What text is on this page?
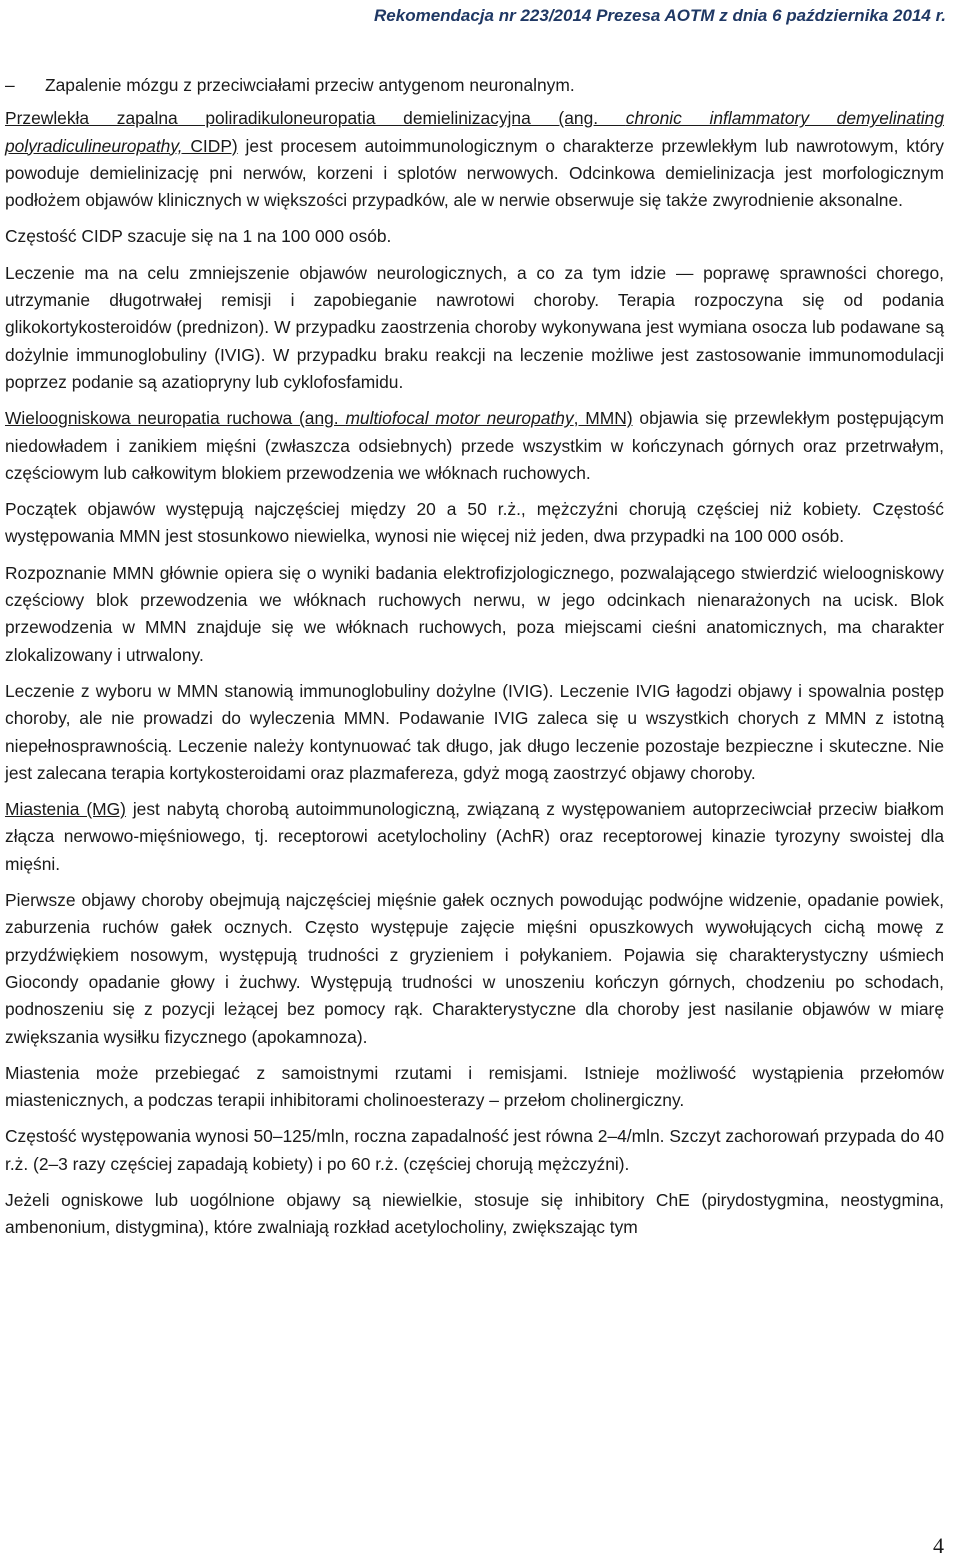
Rekomendacja nr 223/2014 Prezesa AOTM z dnia 6 października 2014 r.
–	Zapalenie mózgu z przeciwciałami przeciw antygenom neuronalnym.

Przewlekła zapalna poliradikuloneuropatia demielinizacyjna (ang. chronic inflammatory demyelinating polyradiculineuropathy, CIDP) jest procesem autoimmunologicznym o charakterze przewlekłym lub nawrotowym, który powoduje demielinizację pni nerwów, korzeni i splotów nerwowych. Odcinkowa demielinizacja jest morfologicznym podłożem objawów klinicznych w większości przypadków, ale w nerwie obserwuje się także zwyrodnienie aksonalne.

Częstość CIDP szacuje się na 1 na 100 000 osób.

Leczenie ma na celu zmniejszenie objawów neurologicznych, a co za tym idzie — poprawę sprawności chorego, utrzymanie długotrwałej remisji i zapobieganie nawrotowi choroby. Terapia rozpoczyna się od podania glikokortykosteroidów (prednizon). W przypadku zaostrzenia choroby wykonywana jest wymiana osocza lub podawane są dożylnie immunoglobuliny (IVIG). W przypadku braku reakcji na leczenie możliwe jest zastosowanie immunomodulacji poprzez podanie są azatiopryny lub cyklofosfamidu.

Wieloogniskowa neuropatia ruchowa (ang. multiofocal motor neuropathy, MMN) objawia się przewlekłym postępującym niedowładem i zanikiem mięśni (zwłaszcza odsiebnych) przede wszystkim w kończynach górnych oraz przetrwałym, częściowym lub całkowitym blokiem przewodzenia we włóknach ruchowych.

Początek objawów występują najczęściej między 20 a 50 r.ż., mężczyźni chorują częściej niż kobiety. Częstość występowania MMN jest stosunkowo niewielka, wynosi nie więcej niż jeden, dwa przypadki na 100 000 osób.

Rozpoznanie MMN głównie opiera się o wyniki badania elektrofizjologicznego, pozwalającego stwierdzić wieloogniskowy częściowy blok przewodzenia we włóknach ruchowych nerwu, w jego odcinkach nienarażonych na ucisk. Blok przewodzenia w MMN znajduje się we włóknach ruchowych, poza miejscami cieśni anatomicznych, ma charakter zlokalizowany i utrwalony.

Leczenie z wyboru w MMN stanowią immunoglobuliny dożylne (IVIG). Leczenie IVIG łagodzi objawy i spowalnia postęp choroby, ale nie prowadzi do wyleczenia MMN. Podawanie IVIG zaleca się u wszystkich chorych z MMN z istotną niepełnosprawnością. Leczenie należy kontynuować tak długo, jak długo leczenie pozostaje bezpieczne i skuteczne. Nie jest zalecana terapia kortykosteroidami oraz plazmafereza, gdyż mogą zaostrzyć objawy choroby.

Miastenia (MG) jest nabytą chorobą autoimmunologiczną, związaną z występowaniem autoprzeciwciał przeciw białkom złącza nerwowo-mięśniowego, tj. receptorowi acetylocholiny (AchR) oraz receptorowej kinazie tyrozyny swoistej dla mięśni.

Pierwsze objawy choroby obejmują najczęściej mięśnie gałek ocznych powodując podwójne widzenie, opadanie powiek, zaburzenia ruchów gałek ocznych. Często występuje zajęcie mięśni opuszkowych wywołujących cichą mowę z przydźwiękiem nosowym, występują trudności z gryzieniem i połykaniem. Pojawia się charakterystyczny uśmiech Giocondy opadanie głowy i żuchwy. Występują trudności w unoszeniu kończyn górnych, chodzeniu po schodach, podnoszeniu się z pozycji leżącej bez pomocy rąk. Charakterystyczne dla choroby jest nasilanie objawów w miarę zwiększania wysiłku fizycznego (apokamnoza).

Miastenia może przebiegać z samoistnymi rzutami i remisjami. Istnieje możliwość wystąpienia przełomów miastenicznych, a podczas terapii inhibitorami cholinoesterazy – przełom cholinergiczny.

Częstość występowania wynosi 50–125/mln, roczna zapadalność jest równa 2–4/mln. Szczyt zachorowań przypada do 40 r.ż. (2–3 razy częściej zapadają kobiety) i po 60 r.ż. (częściej chorują mężczyźni).

Jeżeli ogniskowe lub uogólnione objawy są niewielkie, stosuje się inhibitory ChE (pirydostygmina, neostygmina, ambenonium, distygmina), które zwalniają rozkład acetylocholiny, zwiększając tym

4
